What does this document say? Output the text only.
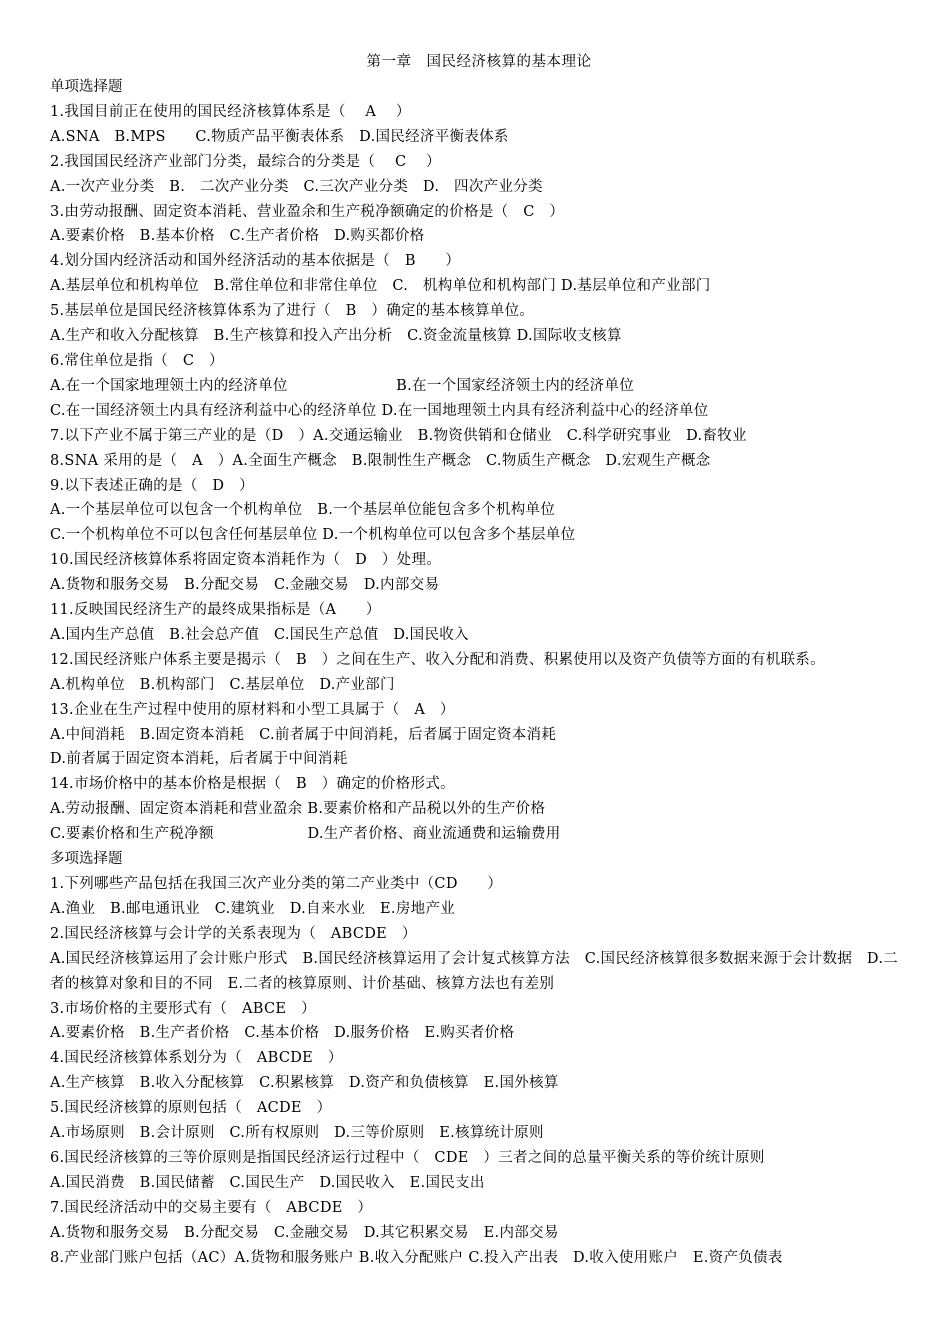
第一章　国民经济核算的基本理论
单项选择题
1.我国目前正在使用的国民经济核算体系是（　 A　 ）
A.SNA　B.MPS　　C.物质产品平衡表体系　D.国民经济平衡表体系
2.我国国民经济产业部门分类，最综合的分类是（　 C　 ）
A.一次产业分类　B.　二次产业分类　C.三次产业分类　D.　四次产业分类
3.由劳动报酬、固定资本消耗、营业盈余和生产税净额确定的价格是（　C　）
A.要素价格　B.基本价格　C.生产者价格　D.购买都价格
4.划分国内经济活动和国外经济活动的基本依据是（　B　　）
A.基层单位和机构单位　B.常住单位和非常住单位　C.　机构单位和机构部门 D.基层单位和产业部门
5.基层单位是国民经济核算体系为了进行（　B　）确定的基本核算单位。
A.生产和收入分配核算　B.生产核算和投入产出分析　C.资金流量核算 D.国际收支核算
6.常住单位是指（　C　）
A.在一个国家地理领土内的经济单位　　　　　　　 B.在一个国家经济领土内的经济单位
C.在一国经济领土内具有经济利益中心的经济单位 D.在一国地理领土内具有经济利益中心的经济单位
7.以下产业不属于第三产业的是（D　）A.交通运输业　B.物资供销和仓储业　C.科学研究事业　D.畜牧业
8.SNA 采用的是（　A　）A.全面生产概念　B.限制性生产概念　C.物质生产概念　D.宏观生产概念
9.以下表述正确的是（　D　）
A.一个基层单位可以包含一个机构单位　B.一个基层单位能包含多个机构单位
C.一个机构单位不可以包含任何基层单位 D.一个机构单位可以包含多个基层单位
10.国民经济核算体系将固定资本消耗作为（　D　）处理。
A.货物和服务交易　B.分配交易　C.金融交易　D.内部交易
11.反映国民经济生产的最终成果指标是（A　　）
A.国内生产总值　B.社会总产值　C.国民生产总值　D.国民收入
12.国民经济账户体系主要是揭示（　B　）之间在生产、收入分配和消费、积累使用以及资产负债等方面的有机联系。
A.机构单位　B.机构部门　C.基层单位　D.产业部门
13.企业在生产过程中使用的原材料和小型工具属于（　A　）
A.中间消耗　B.固定资本消耗　C.前者属于中间消耗，后者属于固定资本消耗
D.前者属于固定资本消耗，后者属于中间消耗
14.市场价格中的基本价格是根据（　B　）确定的价格形式。
A.劳动报酬、固定资本消耗和营业盈余 B.要素价格和产品税以外的生产价格
C.要素价格和生产税净额　　　　　　 D.生产者价格、商业流通费和运输费用
多项选择题
1.下列哪些产品包括在我国三次产业分类的第二产业类中（CD　　）
A.渔业　B.邮电通讯业　C.建筑业　D.自来水业　E.房地产业
2.国民经济核算与会计学的关系表现为（　ABCDE　）
A.国民经济核算运用了会计账户形式　B.国民经济核算运用了会计复式核算方法　C.国民经济核算很多数据来源于会计数据　D.二者的核算对象和目的不同　E.二者的核算原则、计价基础、核算方法也有差别
3.市场价格的主要形式有（　ABCE　）
A.要素价格　B.生产者价格　C.基本价格　D.服务价格　E.购买者价格
4.国民经济核算体系划分为（　ABCDE　）
A.生产核算　B.收入分配核算　C.积累核算　D.资产和负债核算　E.国外核算
5.国民经济核算的原则包括（　ACDE　）
A.市场原则　B.会计原则　C.所有权原则　D.三等价原则　E.核算统计原则
6.国民经济核算的三等价原则是指国民经济运行过程中（　CDE　）三者之间的总量平衡关系的等价统计原则
A.国民消费　B.国民储蓄　C.国民生产　D.国民收入　E.国民支出
7.国民经济活动中的交易主要有（　ABCDE　）
A.货物和服务交易　B.分配交易　C.金融交易　D.其它积累交易　E.内部交易
8.产业部门账户包括（AC）A.货物和服务账户 B.收入分配账户 C.投入产出表　D.收入使用账户　E.资产负债表
